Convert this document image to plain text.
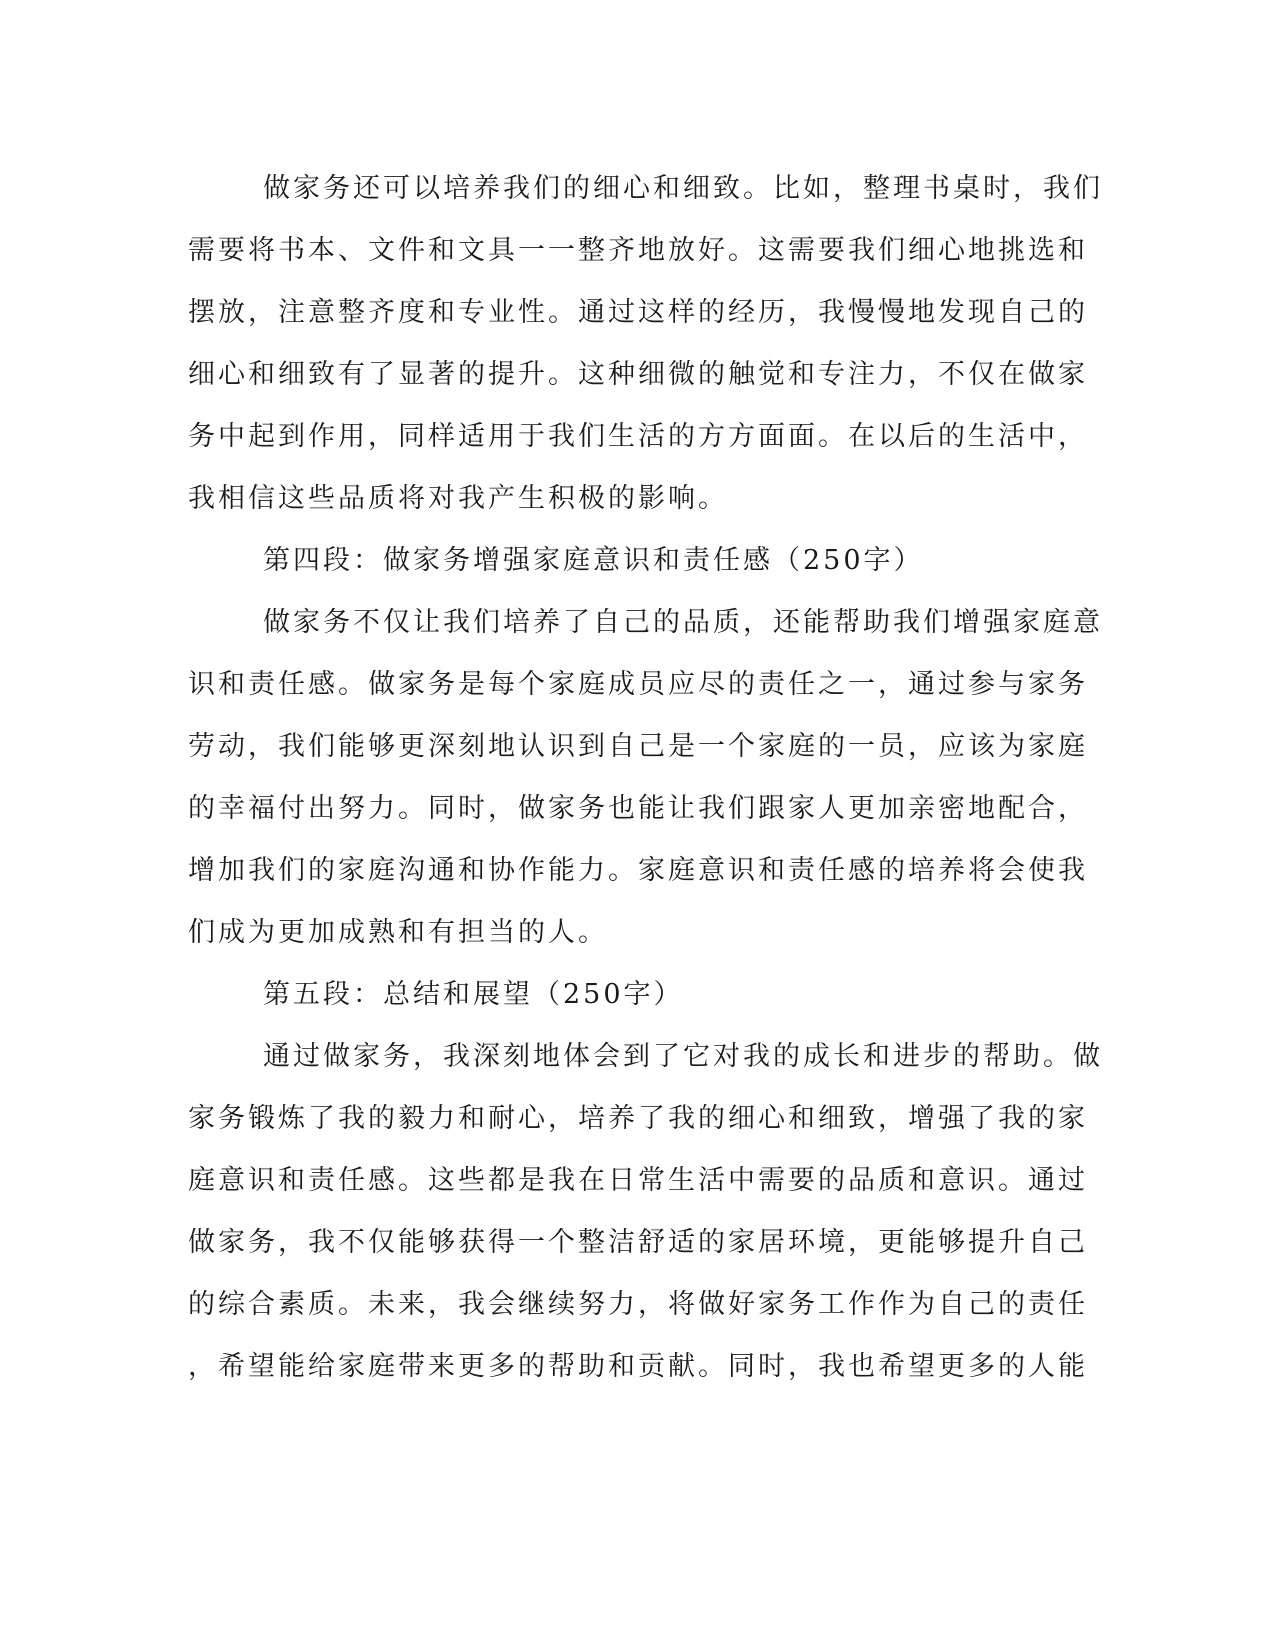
做家务还可以培养我们的细心和细致。比如，整理书桌时，我们
需要将书本、文件和文具一一整齐地放好。这需要我们细心地挑选和
摆放，注意整齐度和专业性。通过这样的经历，我慢慢地发现自己的
细心和细致有了显著的提升。这种细微的触觉和专注力，不仅在做家
务中起到作用，同样适用于我们生活的方方面面。在以后的生活中，
我相信这些品质将对我产生积极的影响。
第四段：做家务增强家庭意识和责任感（250字）
做家务不仅让我们培养了自己的品质，还能帮助我们增强家庭意
识和责任感。做家务是每个家庭成员应尽的责任之一，通过参与家务
劳动，我们能够更深刻地认识到自己是一个家庭的一员，应该为家庭
的幸福付出努力。同时，做家务也能让我们跟家人更加亲密地配合，
增加我们的家庭沟通和协作能力。家庭意识和责任感的培养将会使我
们成为更加成熟和有担当的人。
第五段：总结和展望（250字）
通过做家务，我深刻地体会到了它对我的成长和进步的帮助。做
家务锻炼了我的毅力和耐心，培养了我的细心和细致，增强了我的家
庭意识和责任感。这些都是我在日常生活中需要的品质和意识。通过
做家务，我不仅能够获得一个整洁舒适的家居环境，更能够提升自己
的综合素质。未来，我会继续努力，将做好家务工作作为自己的责任
，希望能给家庭带来更多的帮助和贡献。同时，我也希望更多的人能
